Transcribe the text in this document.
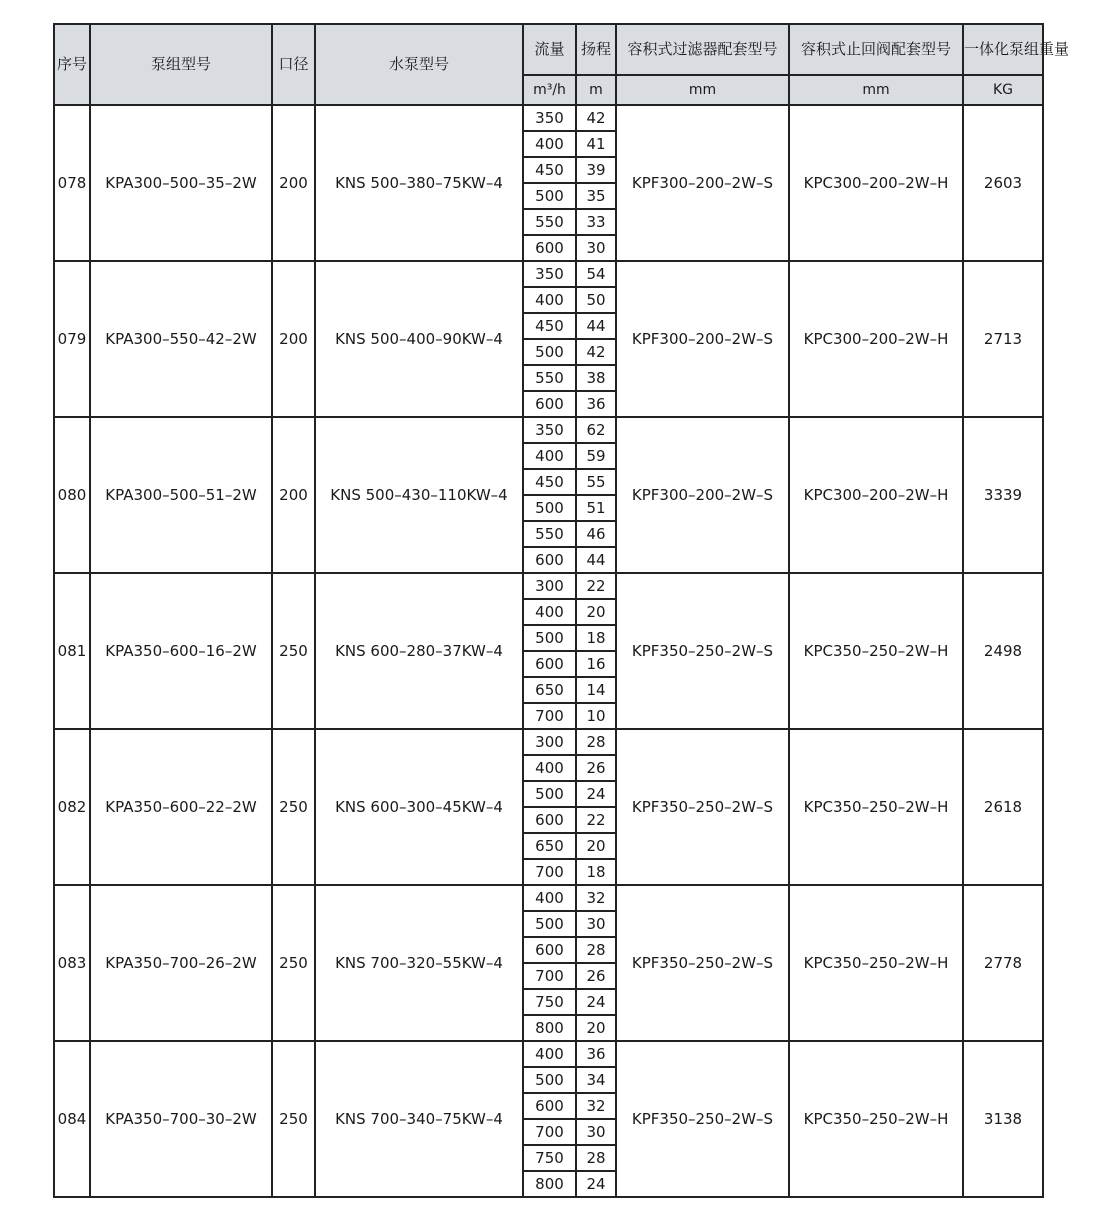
序号	泵组型号	口径	水泵型号	流量	扬程	容积式过滤器配套型号	容积式止回阀配套型号	一体化泵组重量
				m³/h	m	mm	mm	KG
078	KPA300–500–35–2W	200	KNS 500–380–75KW–4	350	42	KPF300–200–2W–S	KPC300–200–2W–H	2603
				400	41			
				450	39			
				500	35			
				550	33			
				600	30			
079	KPA300–550–42–2W	200	KNS 500–400–90KW–4	350	54	KPF300–200–2W–S	KPC300–200–2W–H	2713
				400	50			
				450	44			
				500	42			
				550	38			
				600	36			
080	KPA300–500–51–2W	200	KNS 500–430–110KW–4	350	62	KPF300–200–2W–S	KPC300–200–2W–H	3339
				400	59			
				450	55			
				500	51			
				550	46			
				600	44			
081	KPA350–600–16–2W	250	KNS 600–280–37KW–4	300	22	KPF350–250–2W–S	KPC350–250–2W–H	2498
				400	20			
				500	18			
				600	16			
				650	14			
				700	10			
082	KPA350–600–22–2W	250	KNS 600–300–45KW–4	300	28	KPF350–250–2W–S	KPC350–250–2W–H	2618
				400	26			
				500	24			
				600	22			
				650	20			
				700	18			
083	KPA350–700–26–2W	250	KNS 700–320–55KW–4	400	32	KPF350–250–2W–S	KPC350–250–2W–H	2778
				500	30			
				600	28			
				700	26			
				750	24			
				800	20			
084	KPA350–700–30–2W	250	KNS 700–340–75KW–4	400	36	KPF350–250–2W–S	KPC350–250–2W–H	3138
				500	34			
				600	32			
				700	30			
				750	28			
				800	24			
